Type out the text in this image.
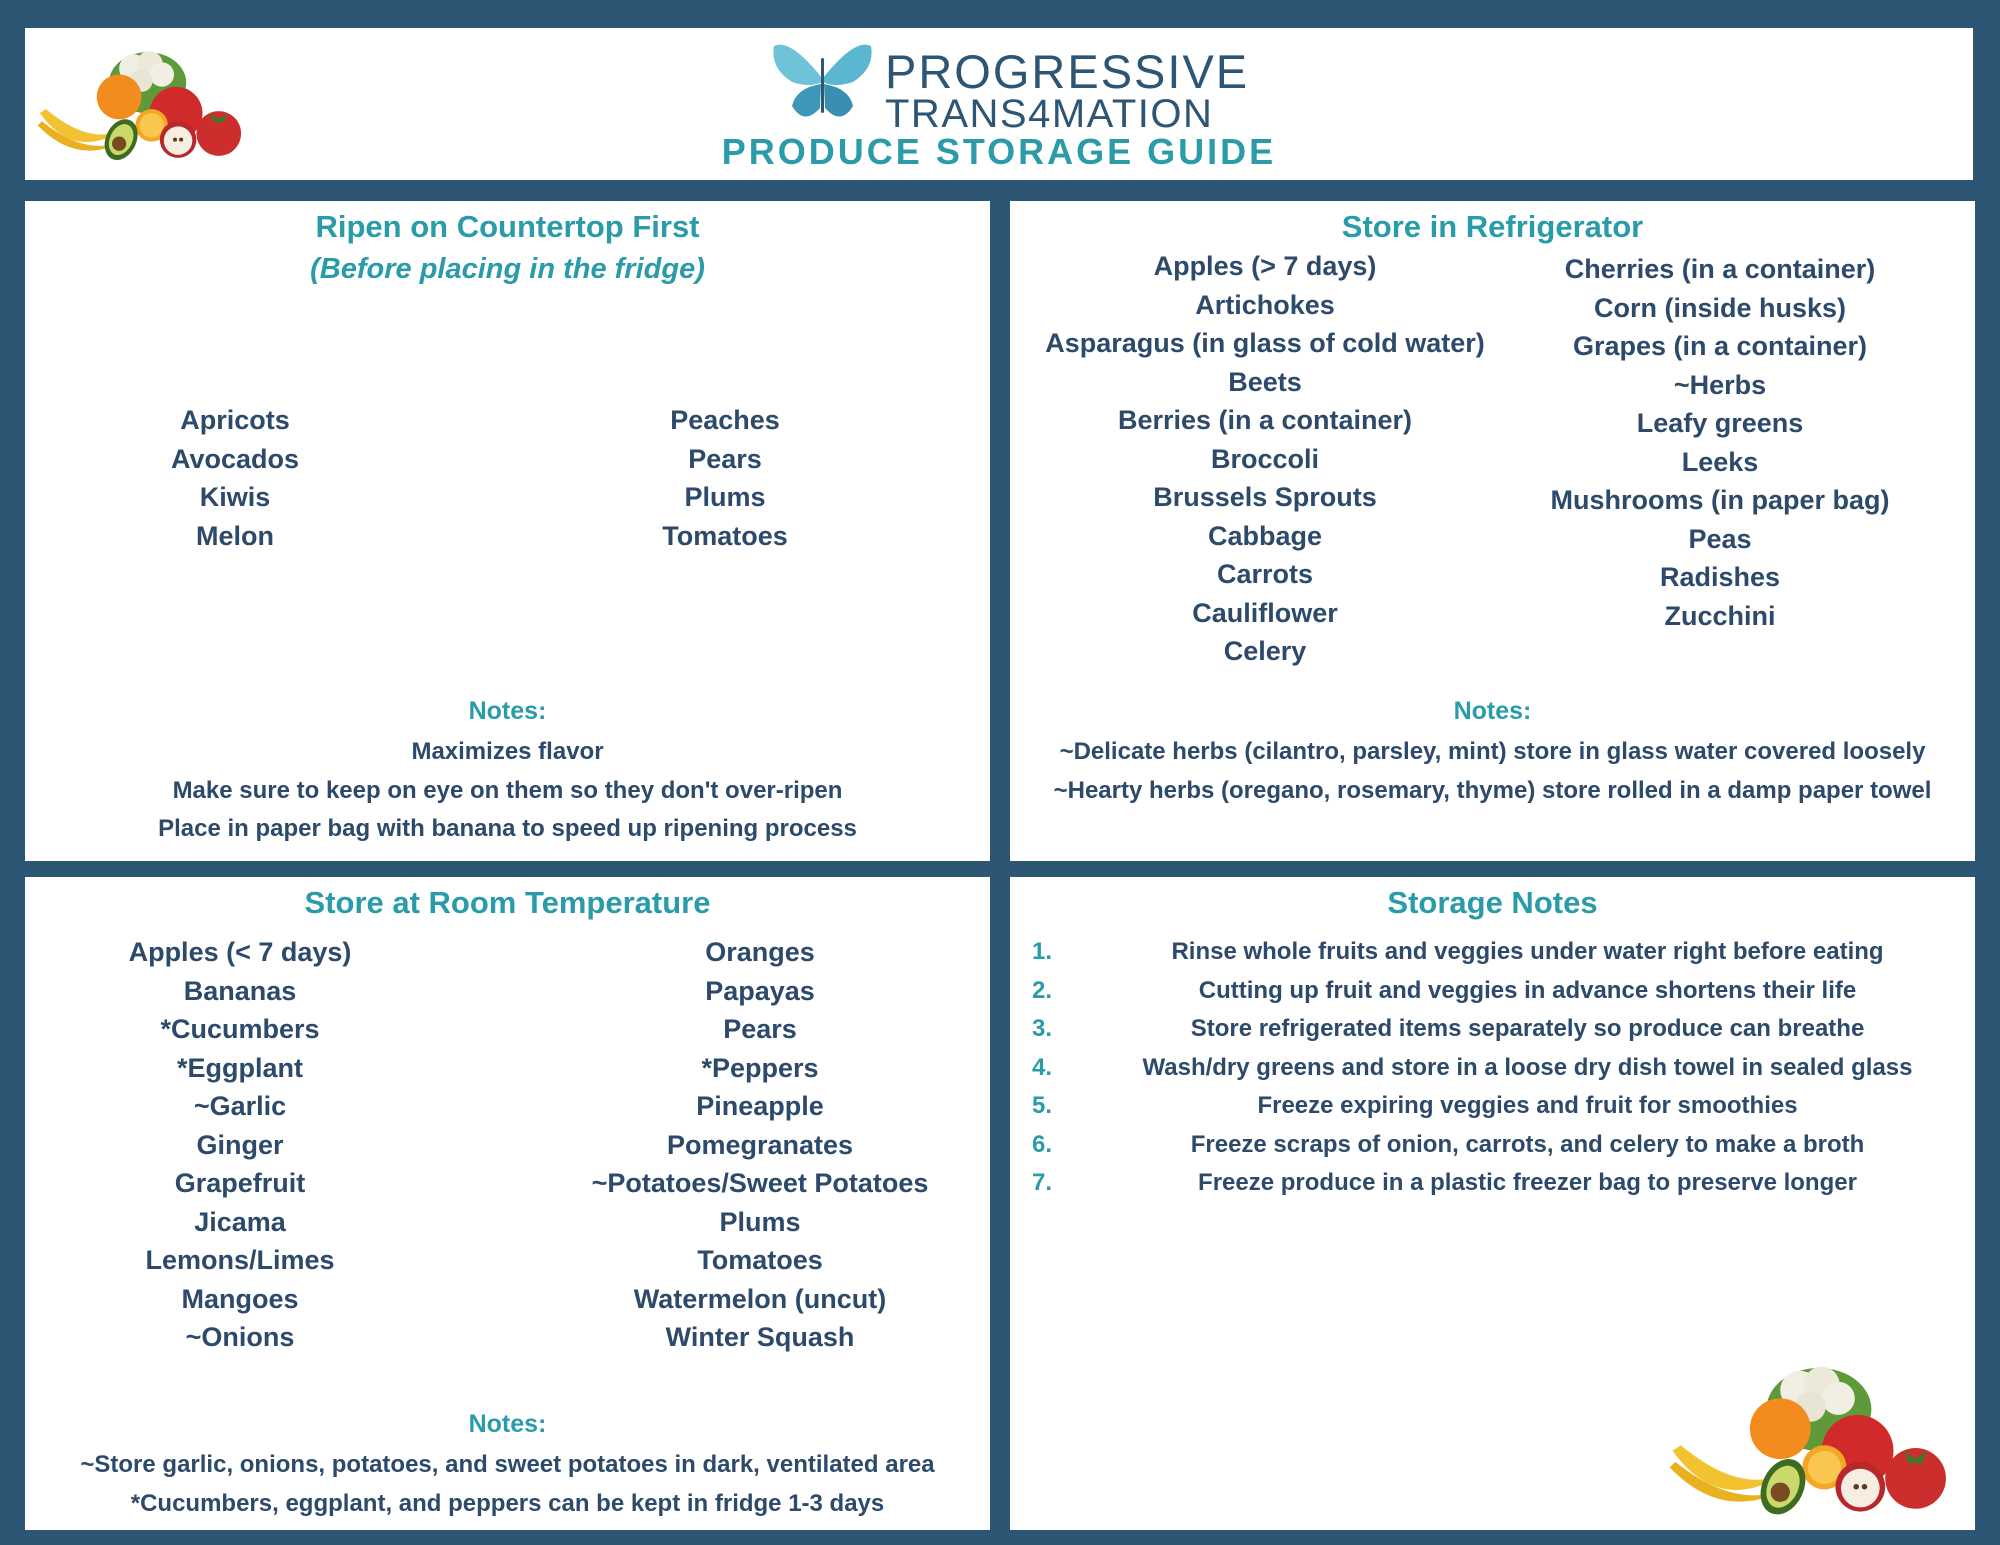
PROGRESSIVE
TRANS4MATION
PRODUCE STORAGE GUIDE
Ripen on Countertop First
(Before placing in the fridge)
Apricots
Avocados
Kiwis
Melon
Peaches
Pears
Plums
Tomatoes
Notes:
Maximizes flavor
Make sure to keep on eye on them so they don't over-ripen
Place in paper bag with banana to speed up ripening process
Store in Refrigerator
Apples (> 7 days)
Artichokes
Asparagus (in glass of cold water)
Beets
Berries (in a container)
Broccoli
Brussels Sprouts
Cabbage
Carrots
Cauliflower
Celery
Cherries (in a container)
Corn (inside husks)
Grapes (in a container)
~Herbs
Leafy greens
Leeks
Mushrooms (in paper bag)
Peas
Radishes
Zucchini
Notes:
~Delicate herbs (cilantro, parsley, mint) store in glass water covered loosely
~Hearty herbs (oregano, rosemary, thyme) store rolled in a damp paper towel
Store at Room Temperature
Apples (< 7 days)
Bananas
*Cucumbers
*Eggplant
~Garlic
Ginger
Grapefruit
Jicama
Lemons/Limes
Mangoes
~Onions
Oranges
Papayas
Pears
*Peppers
Pineapple
Pomegranates
~Potatoes/Sweet Potatoes
Plums
Tomatoes
Watermelon (uncut)
Winter Squash
Notes:
~Store garlic, onions, potatoes, and sweet potatoes in dark, ventilated area
*Cucumbers, eggplant, and peppers can be kept in fridge 1-3 days
Storage Notes
1.	Rinse whole fruits and veggies under water right before eating
2.	Cutting up fruit and veggies in advance shortens their life
3.	Store refrigerated items separately so produce can breathe
4.	Wash/dry greens and store in a loose dry dish towel in sealed glass
5.	Freeze expiring veggies and fruit for smoothies
6.	Freeze scraps of onion, carrots, and celery to make a broth
7.	Freeze produce in a plastic freezer bag to preserve longer
